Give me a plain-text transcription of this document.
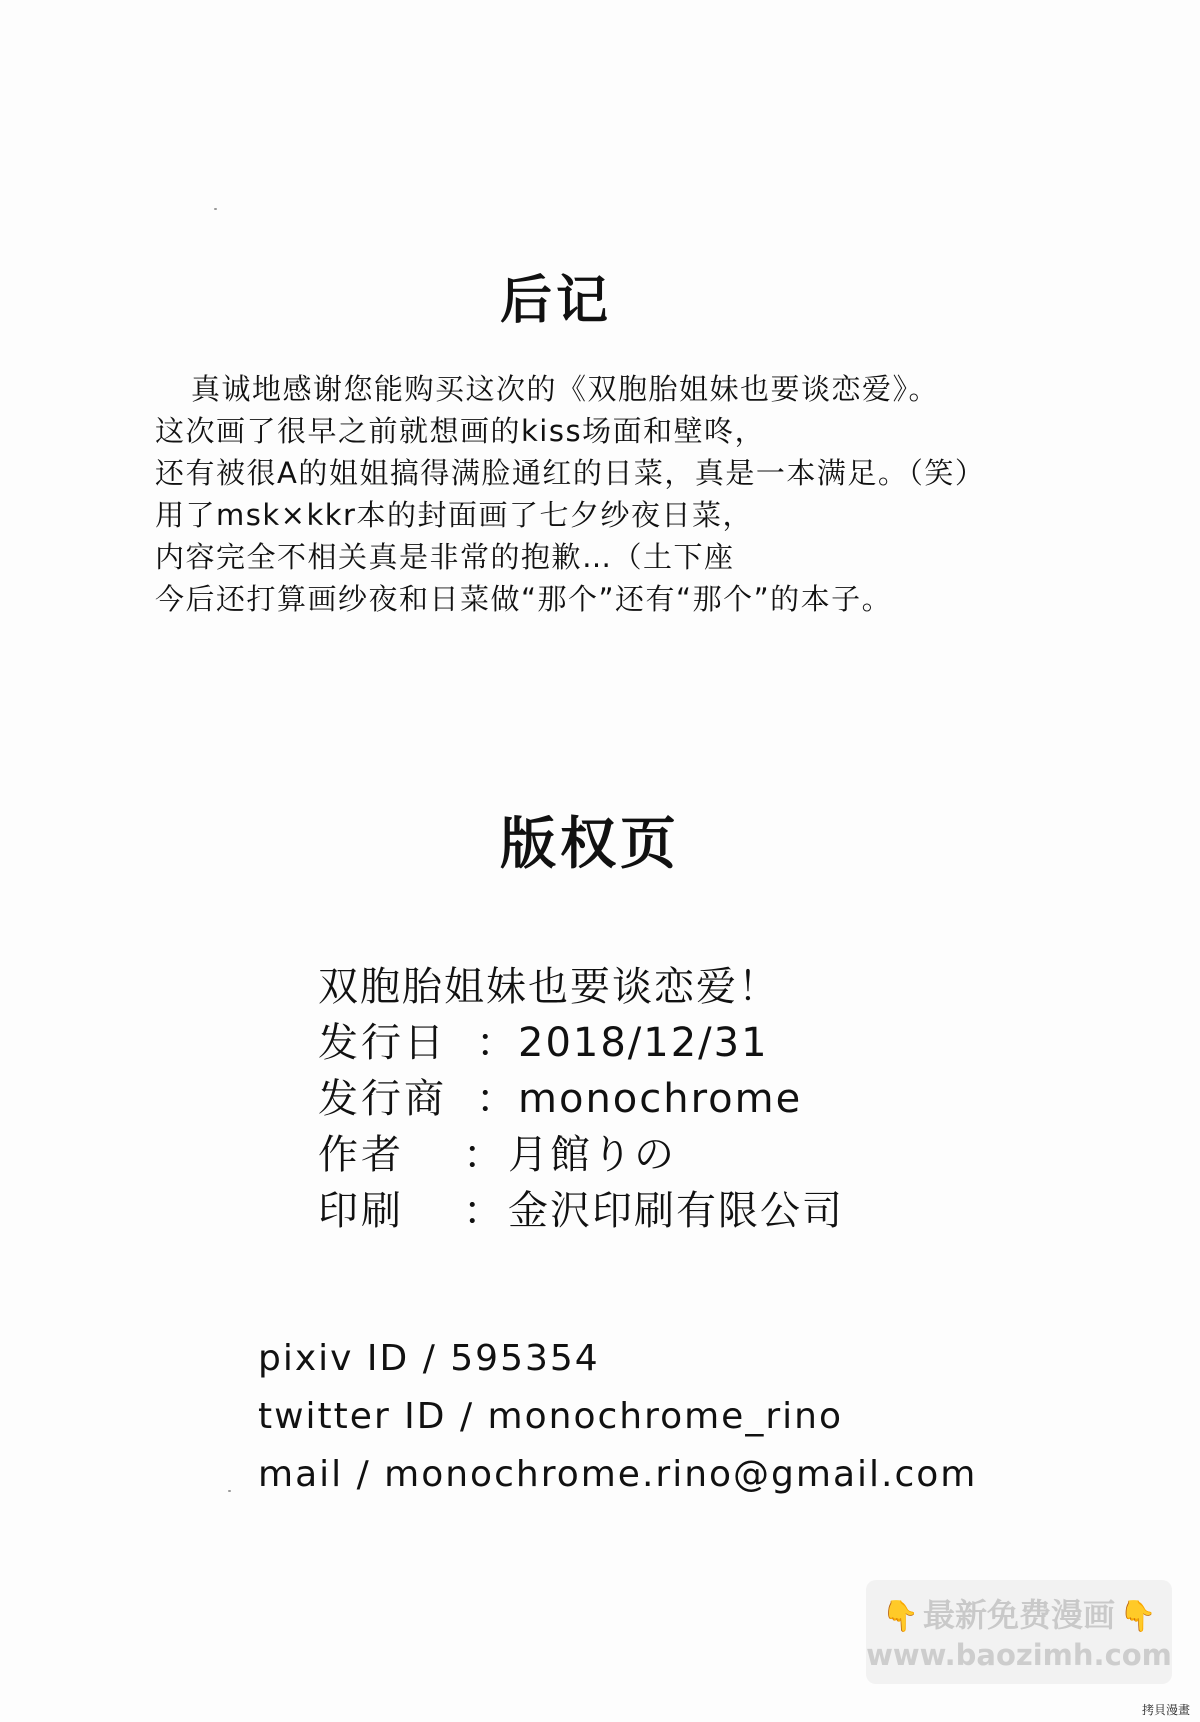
后记
真诚地感谢您能购买这次的《双胞胎姐妹也要谈恋爱》。
这次画了很早之前就想画的kiss场面和壁咚，
还有被很A的姐姐搞得满脸通红的日菜，真是一本满足。（笑）
用了msk×kkr本的封面画了七夕纱夜日菜，
内容完全不相关真是非常的抱歉…（土下座
今后还打算画纱夜和日菜做“那个”还有“那个”的本子。
版权页
双胞胎姐妹也要谈恋爱！
发行日 ： 2018/12/31
发行商 ： monochrome
作者 ： 月館りの
印刷 ： 金沢印刷有限公司
pixiv ID / 595354
twitter ID / monochrome_rino
mail / monochrome.rino@gmail.com
👇 最新免费漫画 👇
www.baozimh.com
拷貝漫畫
